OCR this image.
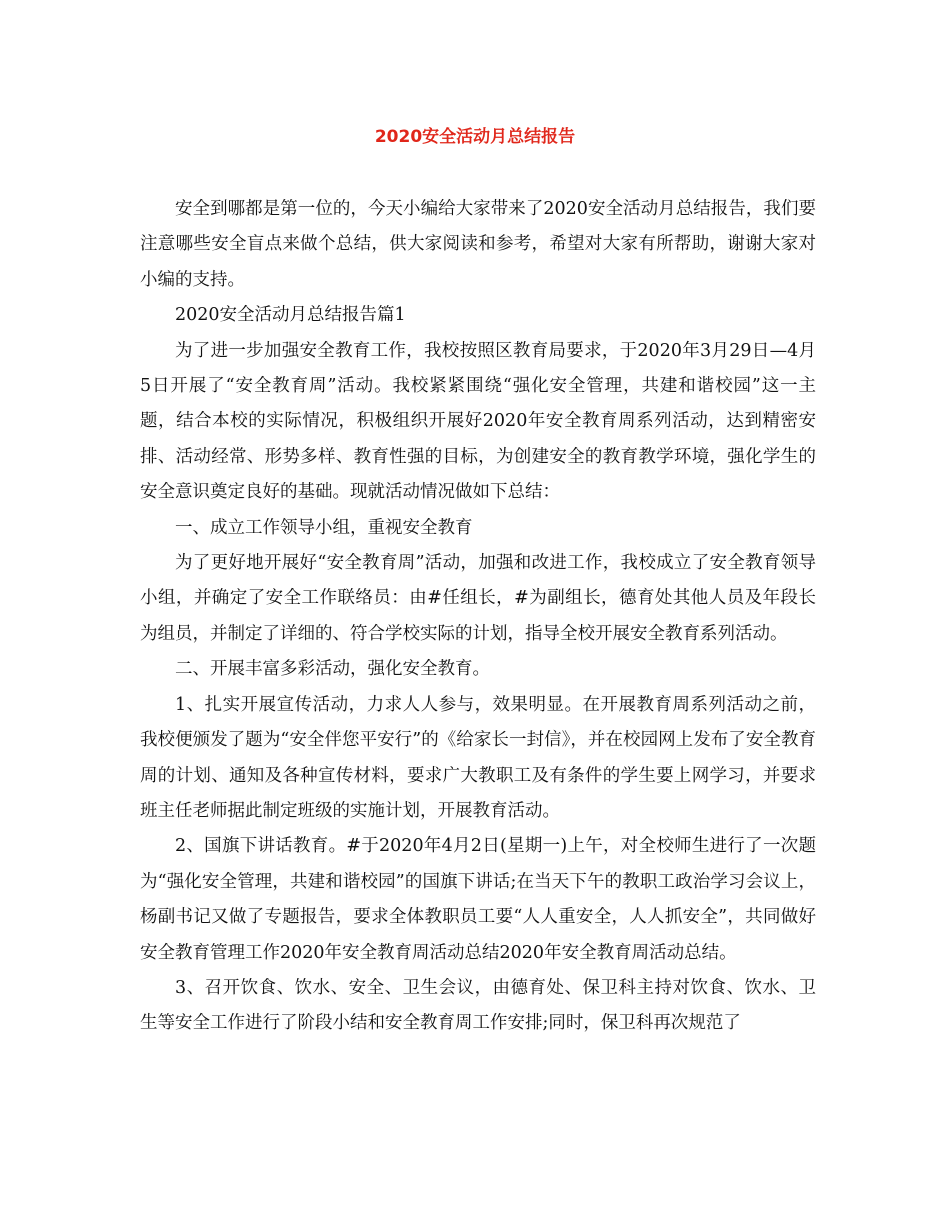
2020安全活动月总结报告

安全到哪都是第一位的，今天小编给大家带来了2020安全活动月总结报告，我们要注意哪些安全盲点来做个总结，供大家阅读和参考，希望对大家有所帮助，谢谢大家对小编的支持。

2020安全活动月总结报告篇1

为了进一步加强安全教育工作，我校按照区教育局要求，于2020年3月29日—4月5日开展了“安全教育周”活动。我校紧紧围绕“强化安全管理，共建和谐校园”这一主题，结合本校的实际情况，积极组织开展好2020年安全教育周系列活动，达到精密安排、活动经常、形势多样、教育性强的目标，为创建安全的教育教学环境，强化学生的安全意识奠定良好的基础。现就活动情况做如下总结：

一、成立工作领导小组，重视安全教育

为了更好地开展好“安全教育周”活动，加强和改进工作，我校成立了安全教育领导小组，并确定了安全工作联络员：由#任组长，#为副组长，德育处其他人员及年段长为组员，并制定了详细的、符合学校实际的计划，指导全校开展安全教育系列活动。

二、开展丰富多彩活动，强化安全教育。

1、扎实开展宣传活动，力求人人参与，效果明显。在开展教育周系列活动之前，我校便颁发了题为“安全伴您平安行”的《给家长一封信》，并在校园网上发布了安全教育周的计划、通知及各种宣传材料，要求广大教职工及有条件的学生要上网学习，并要求班主任老师据此制定班级的实施计划，开展教育活动。

2、国旗下讲话教育。#于2020年4月2日(星期一)上午，对全校师生进行了一次题为“强化安全管理，共建和谐校园”的国旗下讲话;在当天下午的教职工政治学习会议上，杨副书记又做了专题报告，要求全体教职员工要“人人重安全，人人抓安全”，共同做好安全教育管理工作2020年安全教育周活动总结2020年安全教育周活动总结。

3、召开饮食、饮水、安全、卫生会议，由德育处、保卫科主持对饮食、饮水、卫生等安全工作进行了阶段小结和安全教育周工作安排;同时，保卫科再次规范了
